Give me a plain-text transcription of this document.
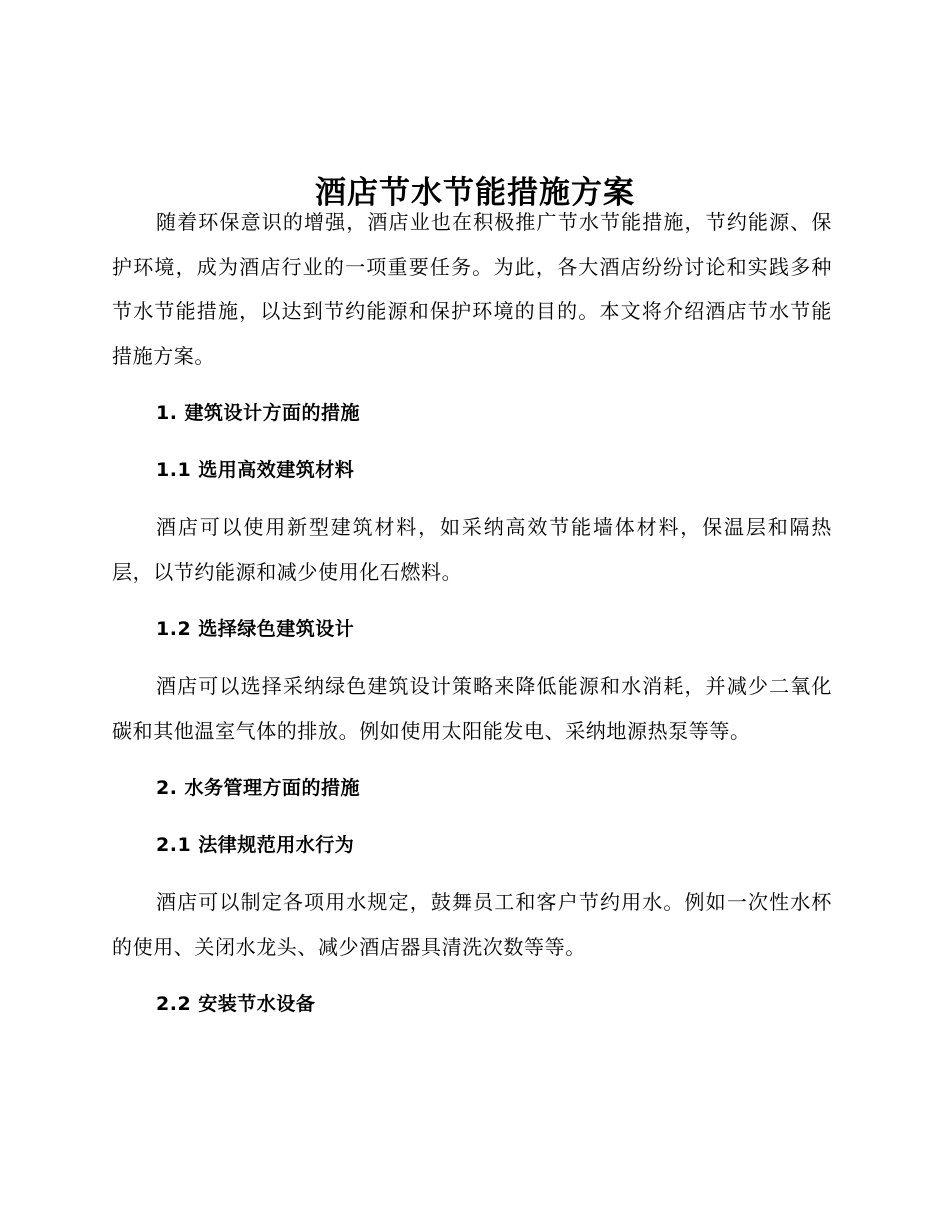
酒店节水节能措施方案

随着环保意识的增强，酒店业也在积极推广节水节能措施，节约能源、保护环境，成为酒店行业的一项重要任务。为此，各大酒店纷纷讨论和实践多种节水节能措施，以达到节约能源和保护环境的目的。本文将介绍酒店节水节能措施方案。

1. 建筑设计方面的措施

1.1 选用高效建筑材料

酒店可以使用新型建筑材料，如采纳高效节能墙体材料，保温层和隔热层，以节约能源和减少使用化石燃料。

1.2 选择绿色建筑设计

酒店可以选择采纳绿色建筑设计策略来降低能源和水消耗，并减少二氧化碳和其他温室气体的排放。例如使用太阳能发电、采纳地源热泵等等。

2. 水务管理方面的措施

2.1 法律规范用水行为

酒店可以制定各项用水规定，鼓舞员工和客户节约用水。例如一次性水杯的使用、关闭水龙头、减少酒店器具清洗次数等等。

2.2 安装节水设备
